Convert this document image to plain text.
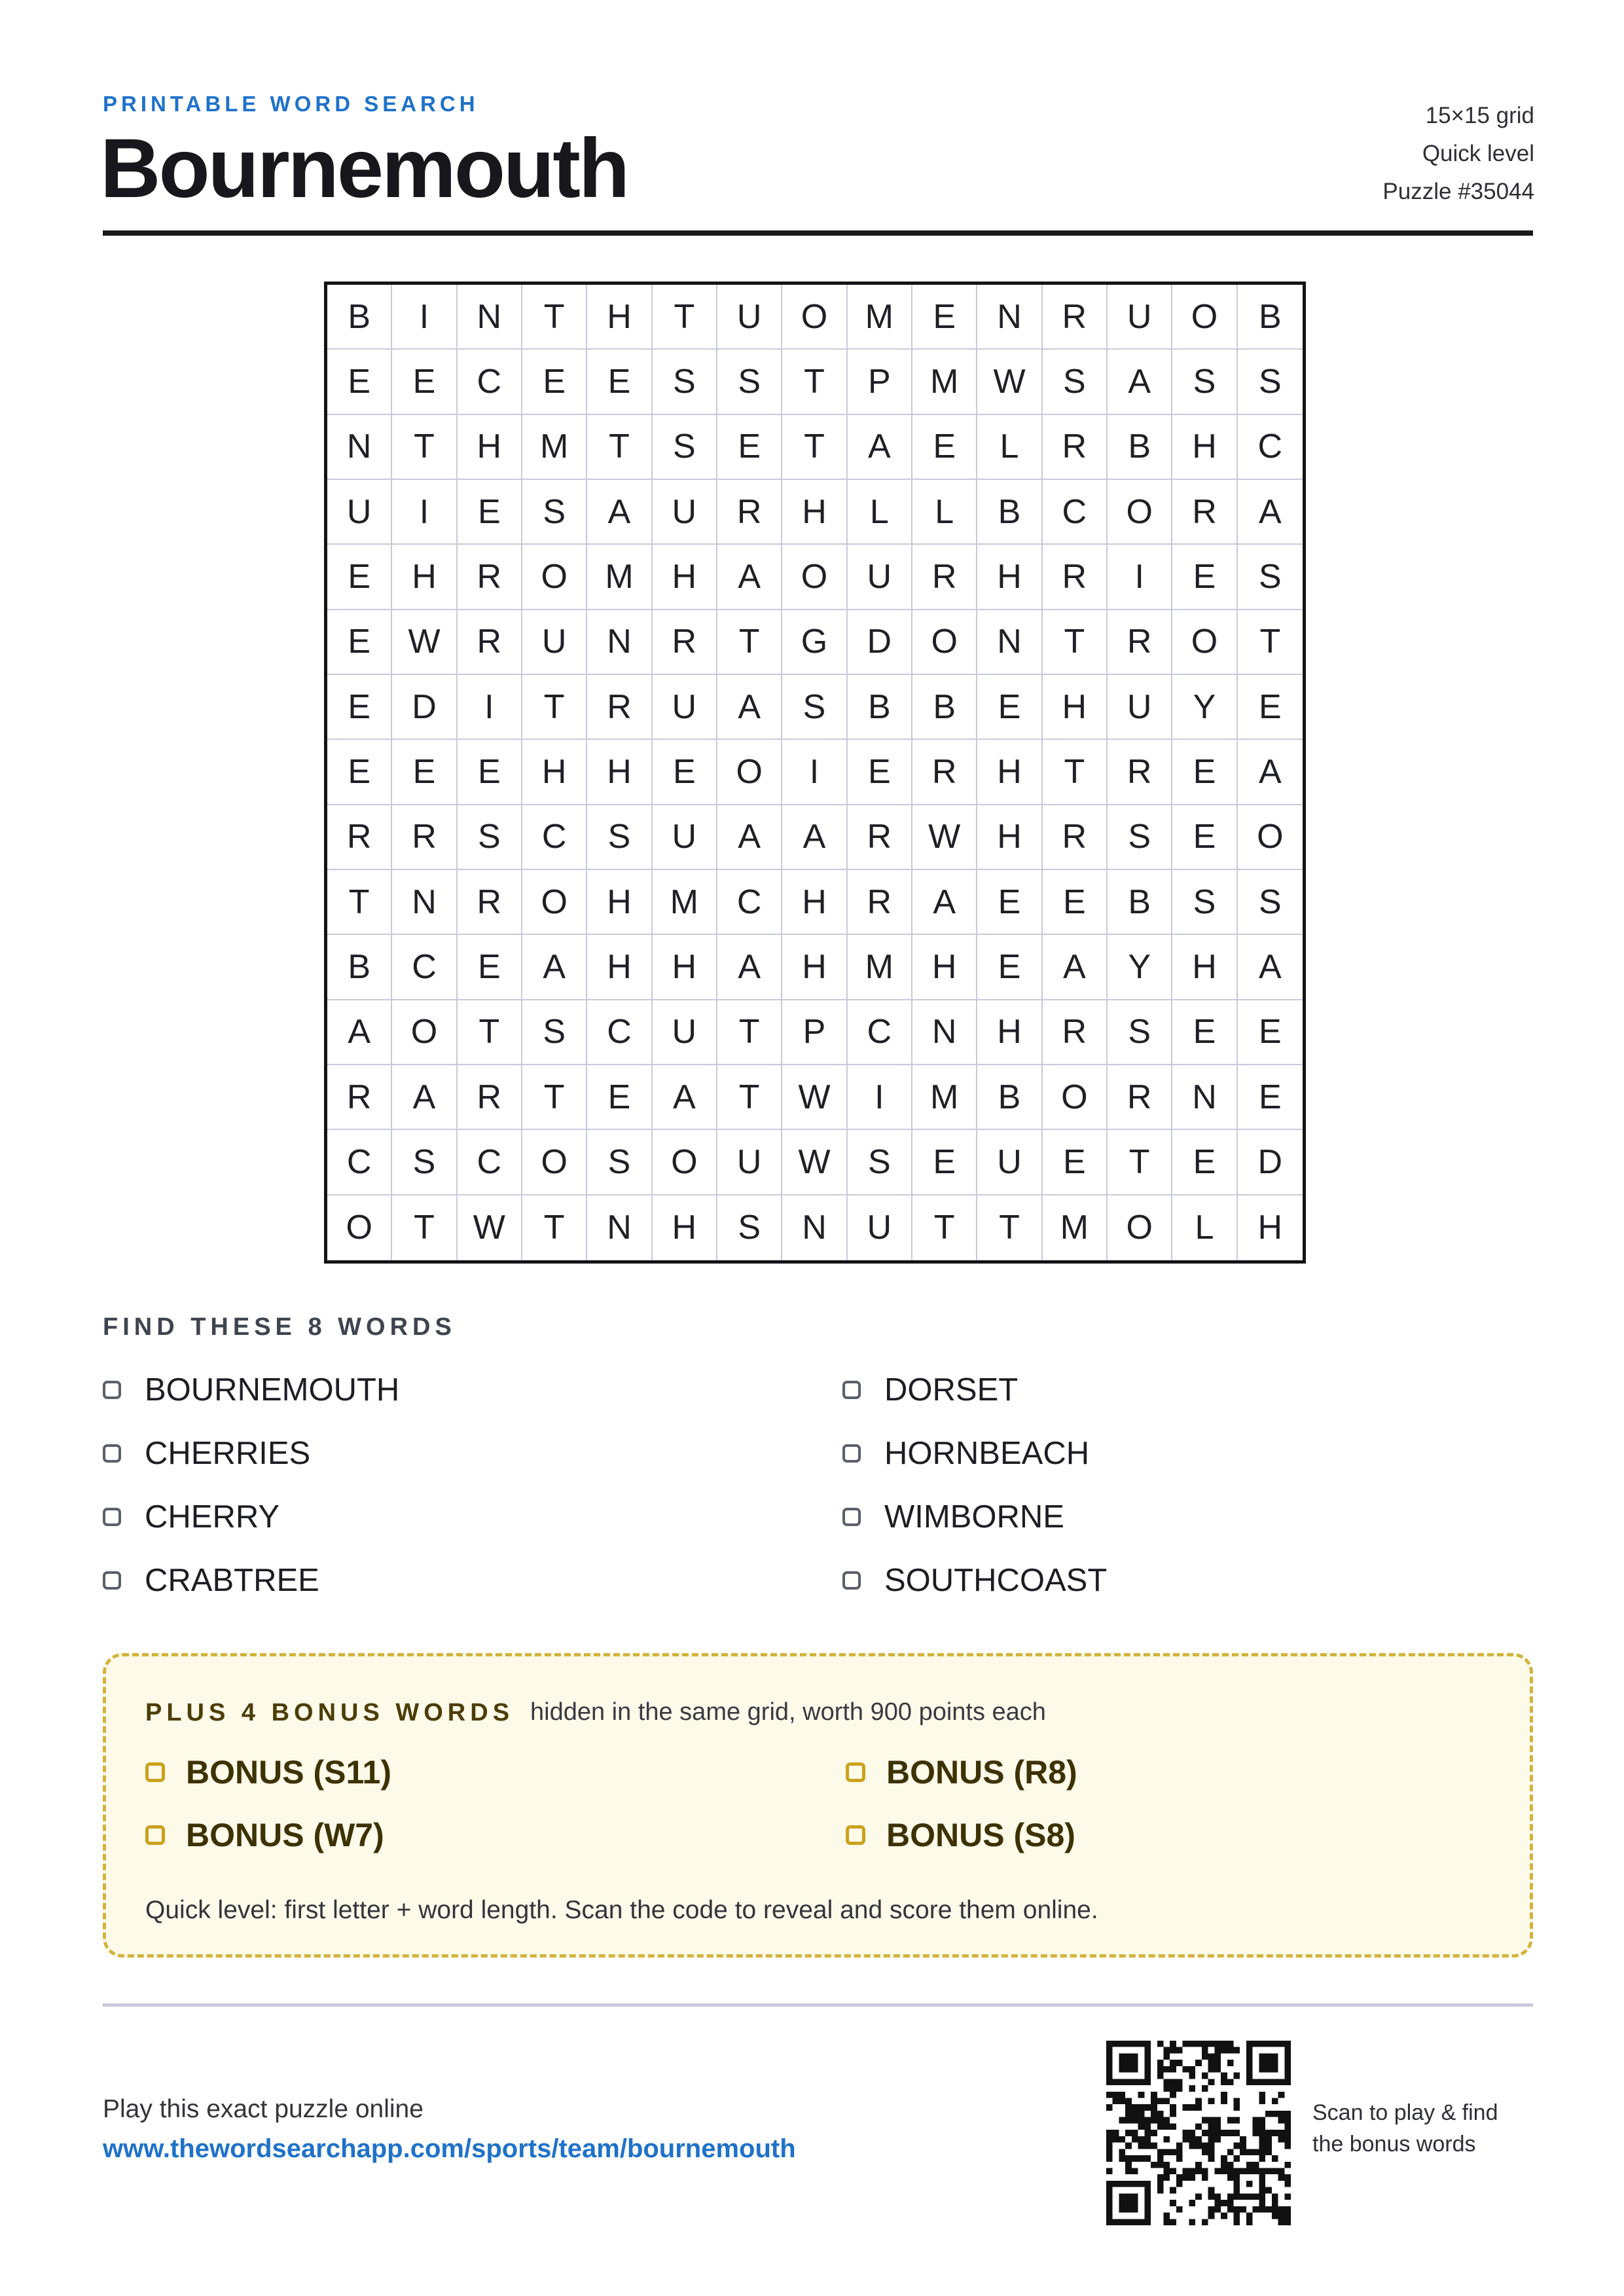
PRINTABLE WORD SEARCH
Bournemouth
15×15 grid
Quick level
Puzzle #35044
B	I	N	T	H	T	U	O	M	E	N	R	U	O	B
E	E	C	E	E	S	S	T	P	M	W	S	A	S	S
N	T	H	M	T	S	E	T	A	E	L	R	B	H	C
U	I	E	S	A	U	R	H	L	L	B	C	O	R	A
E	H	R	O	M	H	A	O	U	R	H	R	I	E	S
E	W	R	U	N	R	T	G	D	O	N	T	R	O	T
E	D	I	T	R	U	A	S	B	B	E	H	U	Y	E
E	E	E	H	H	E	O	I	E	R	H	T	R	E	A
R	R	S	C	S	U	A	A	R	W	H	R	S	E	O
T	N	R	O	H	M	C	H	R	A	E	E	B	S	S
B	C	E	A	H	H	A	H	M	H	E	A	Y	H	A
A	O	T	S	C	U	T	P	C	N	H	R	S	E	E
R	A	R	T	E	A	T	W	I	M	B	O	R	N	E
C	S	C	O	S	O	U	W	S	E	U	E	T	E	D
O	T	W	T	N	H	S	N	U	T	T	M	O	L	H
FIND THESE 8 WORDS
BOURNEMOUTH	DORSET
CHERRIES	HORNBEACH
CHERRY	WIMBORNE
CRABTREE	SOUTHCOAST
PLUS 4 BONUS WORDS hidden in the same grid, worth 900 points each
BONUS (S11)	BONUS (R8)
BONUS (W7)	BONUS (S8)
Quick level: first letter + word length. Scan the code to reveal and score them online.
Play this exact puzzle online
www.thewordsearchapp.com/sports/team/bournemouth
Scan to play & find
the bonus words
